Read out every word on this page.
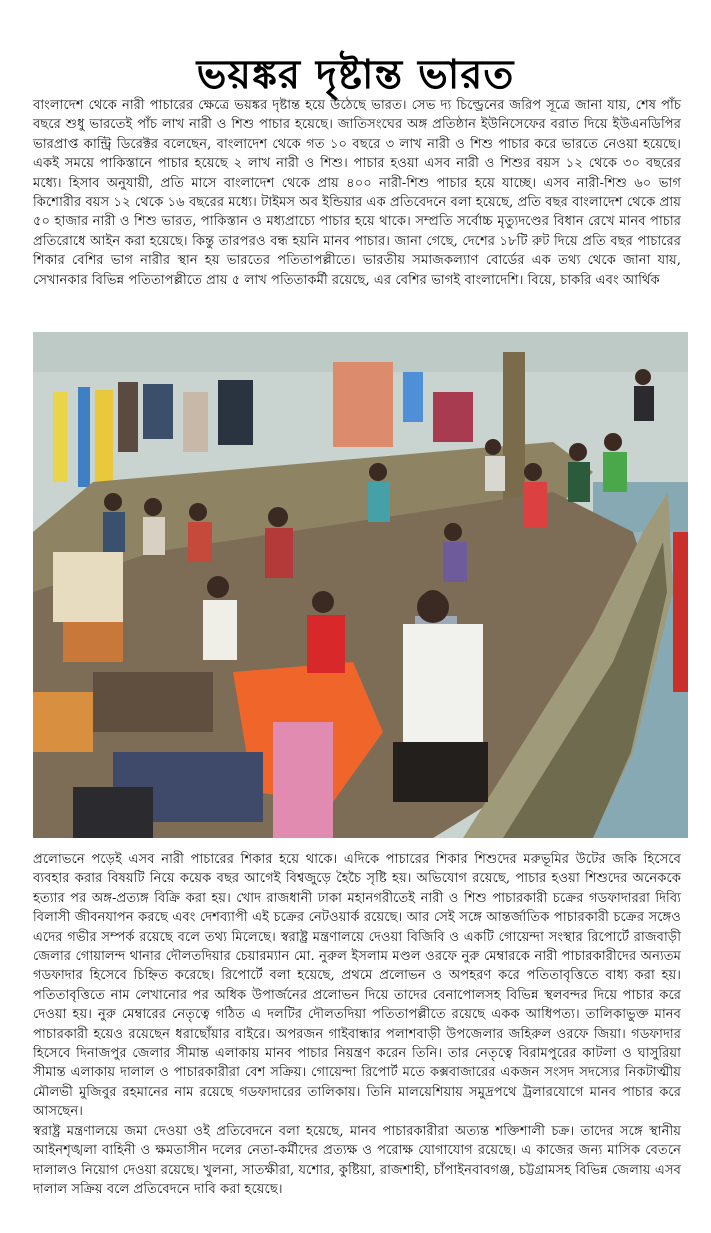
ভয়ঙ্কর দৃষ্টান্ত ভারত

বাংলাদেশ থেকে নারী পাচারের ক্ষেত্রে ভয়ঙ্কর দৃষ্টান্ত হয়ে উঠেছে ভারত। সেভ দ্য চিল্ড্রেনের জরিপ সূত্রে জানা যায়, শেষ পাঁচ বছরে শুধু ভারতেই পাঁচ লাখ নারী ও শিশু পাচার হয়েছে। জাতিসংঘের অঙ্গ প্রতিষ্ঠান ইউনিসেফের বরাত দিয়ে ইউএনডিপির ভারপ্রাপ্ত কান্ট্রি ডিরেক্টর বলেছেন, বাংলাদেশ থেকে গত ১০ বছরে ৩ লাখ নারী ও শিশু পাচার করে ভারতে নেওয়া হয়েছে। একই সময়ে পাকিস্তানে পাচার হয়েছে ২ লাখ নারী ও শিশু। পাচার হওয়া এসব নারী ও শিশুর বয়স ১২ থেকে ৩০ বছরের মধ্যে। হিসাব অনুযায়ী, প্রতি মাসে বাংলাদেশ থেকে প্রায় ৪০০ নারী-শিশু পাচার হয়ে যাচ্ছে। এসব নারী-শিশু ৬০ ভাগ কিশোরীর বয়স ১২ থেকে ১৬ বছরের মধ্যে। টাইমস অব ইন্ডিয়ার এক প্রতিবেদনে বলা হয়েছে, প্রতি বছর বাংলাদেশ থেকে প্রায় ৫০ হাজার নারী ও শিশু ভারত, পাকিস্তান ও মধ্যপ্রাচ্যে পাচার হয়ে থাকে। সম্প্রতি সর্বোচ্চ মৃত্যুদণ্ডের বিধান রেখে মানব পাচার প্রতিরোধে আইন করা হয়েছে। কিন্তু তারপরও বন্ধ হয়নি মানব পাচার। জানা গেছে, দেশের ১৮টি রুট দিয়ে প্রতি বছর পাচারের শিকার বেশির ভাগ নারীর স্থান হয় ভারতের পতিতাপল্লীতে। ভারতীয় সমাজকল্যাণ বোর্ডের এক তথ্য থেকে জানা যায়, সেখানকার বিভিন্ন পতিতাপল্লীতে প্রায় ৫ লাখ পতিতাকর্মী রয়েছে, এর বেশির ভাগই বাংলাদেশি। বিয়ে, চাকরি এবং আর্থিক

প্রলোভনে পড়েই এসব নারী পাচারের শিকার হয়ে থাকে। এদিকে পাচারের শিকার শিশুদের মরুভূমির উটের জকি হিসেবে ব্যবহার করার বিষয়টি নিয়ে কয়েক বছর আগেই বিশ্বজুড়ে হৈচৈ সৃষ্টি হয়। অভিযোগ রয়েছে, পাচার হওয়া শিশুদের অনেককে হত্যার পর অঙ্গ-প্রত্যঙ্গ বিক্রি করা হয়। খোদ রাজধানী ঢাকা মহানগরীতেই নারী ও শিশু পাচারকারী চক্রের গডফাদাররা দিব্যি বিলাসী জীবনযাপন করছে এবং দেশব্যাপী এই চক্রের নেটওয়ার্ক রয়েছে। আর সেই সঙ্গে আন্তর্জাতিক পাচারকারী চক্রের সঙ্গেও এদের গভীর সম্পর্ক রয়েছে বলে তথ্য মিলেছে। স্বরাষ্ট্র মন্ত্রণালয়ে দেওয়া বিজিবি ও একটি গোয়েন্দা সংস্থার রিপোর্টে রাজবাড়ী জেলার গোয়ালন্দ থানার দৌলতদিয়ার চেয়ারম্যান মো. নুরুল ইসলাম মণ্ডল ওরফে নুরু মেম্বারকে নারী পাচারকারীদের অন্যতম গডফাদার হিসেবে চিহ্নিত করেছে। রিপোর্টে বলা হয়েছে, প্রথমে প্রলোভন ও অপহরণ করে পতিতাবৃত্তিতে বাধ্য করা হয়। পতিতাবৃত্তিতে নাম লেখানোর পর অধিক উপার্জনের প্রলোভন দিয়ে তাদের বেনাপোলসহ বিভিন্ন স্থলবন্দর দিয়ে পাচার করে দেওয়া হয়। নুরু মেম্বারের নেতৃত্বে গঠিত এ দলটির দৌলতদিয়া পতিতাপল্লীতে রয়েছে একক আধিপত্য। তালিকাভুক্ত মানব পাচারকারী হয়েও রয়েছেন ধরাছোঁয়ার বাইরে। অপরজন গাইবান্ধার পলাশবাড়ী উপজেলার জহিরুল ওরফে জিয়া। গডফাদার হিসেবে দিনাজপুর জেলার সীমান্ত এলাকায় মানব পাচার নিয়ন্ত্রণ করেন তিনি। তার নেতৃত্বে বিরামপুরের কাটলা ও ঘাসুরিয়া সীমান্ত এলাকায় দালাল ও পাচারকারীরা বেশ সক্রিয়। গোয়েন্দা রিপোর্ট মতে কক্সবাজারের একজন সংসদ সদস্যের নিকটাত্মীয় মৌলভী মুজিবুর রহমানের নাম রয়েছে গডফাদারের তালিকায়। তিনি মালয়েশিয়ায় সমুদ্রপথে ট্রলারযোগে মানব পাচার করে আসছেন।

স্বরাষ্ট্র মন্ত্রণালয়ে জমা দেওয়া ওই প্রতিবেদনে বলা হয়েছে, মানব পাচারকারীরা অত্যন্ত শক্তিশালী চক্র। তাদের সঙ্গে স্থানীয় আইনশৃঙ্খলা বাহিনী ও ক্ষমতাসীন দলের নেতা-কর্মীদের প্রত্যক্ষ ও পরোক্ষ যোগাযোগ রয়েছে। এ কাজের জন্য মাসিক বেতনে দালালও নিয়োগ দেওয়া রয়েছে। খুলনা, সাতক্ষীরা, যশোর, কুষ্টিয়া, রাজশাহী, চাঁপাইনবাবগঞ্জ, চট্টগ্রামসহ বিভিন্ন জেলায় এসব দালাল সক্রিয় বলে প্রতিবেদনে দাবি করা হয়েছে।
